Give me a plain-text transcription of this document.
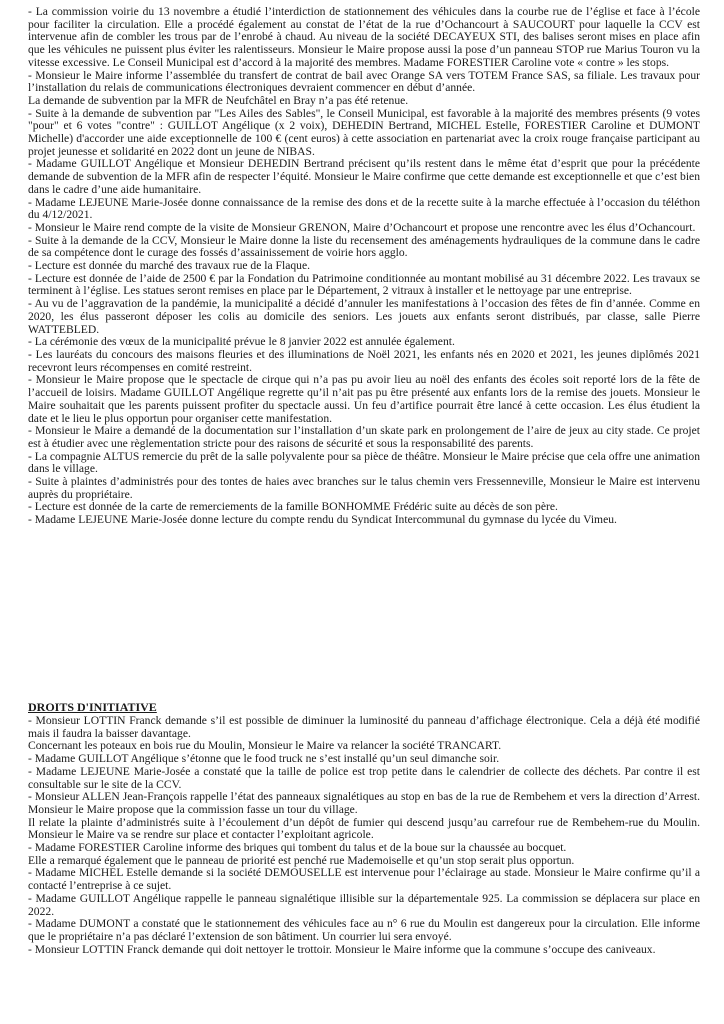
- La commission voirie du 13 novembre a étudié l’interdiction de stationnement des véhicules dans la courbe rue de l’église et face à l’école pour faciliter la circulation. Elle a procédé également au constat de l’état de la rue d’Ochancourt à SAUCOURT pour laquelle la CCV est intervenue afin de combler les trous par de l’enrobé à chaud. Au niveau de la société DECAYEUX STI, des balises seront mises en place afin que les véhicules ne puissent plus éviter les ralentisseurs. Monsieur le Maire propose aussi la pose d’un panneau STOP rue Marius Touron vu la vitesse excessive. Le Conseil Municipal est d’accord à la majorité des membres. Madame FORESTIER Caroline vote « contre » les stops.

- Monsieur le Maire informe l’assemblée du transfert de contrat de bail avec Orange SA vers TOTEM France SAS, sa filiale. Les travaux pour l’installation du relais de communications électroniques devraient commencer en début d’année.

La demande de subvention par la MFR de Neufchâtel en Bray n’a pas été retenue.

- Suite à la demande de subvention par "Les Ailes des Sables", le Conseil Municipal, est favorable à la majorité des membres présents (9 votes "pour" et 6 votes "contre" : GUILLOT Angélique (x 2 voix), DEHEDIN Bertrand, MICHEL Estelle, FORESTIER Caroline et DUMONT Michelle) d'accorder une aide exceptionnelle de 100 € (cent euros) à cette association en partenariat avec la croix rouge française participant au projet jeunesse et solidarité en 2022 dont un jeune de NIBAS.

- Madame GUILLOT Angélique et Monsieur DEHEDIN Bertrand précisent qu’ils restent dans le même état d’esprit que pour la précédente demande de subvention de la MFR afin de respecter l’équité. Monsieur le Maire confirme que cette demande est exceptionnelle et que c’est bien dans le cadre d’une aide humanitaire.

- Madame LEJEUNE Marie-Josée donne connaissance de la remise des dons et de la recette suite à la marche effectuée à l’occasion du téléthon du 4/12/2021.

- Monsieur le Maire rend compte de la visite de Monsieur GRENON, Maire d’Ochancourt et propose une rencontre avec les élus d’Ochancourt.

- Suite à la demande de la CCV, Monsieur le Maire donne la liste du recensement des aménagements hydrauliques de la commune dans le cadre de sa compétence dont le curage des fossés d’assainissement de voirie hors agglo.

- Lecture est donnée du marché des travaux rue de la Flaque.

- Lecture est donnée de l’aide de 2500 € par la Fondation du Patrimoine conditionnée au montant mobilisé au 31 décembre 2022. Les travaux se terminent à l’église. Les statues seront remises en place par le Département, 2 vitraux à installer et le nettoyage par une entreprise.

- Au vu de l’aggravation de la pandémie, la municipalité a décidé d’annuler les manifestations à l’occasion des fêtes de fin d’année. Comme en 2020, les élus passeront déposer les colis au domicile des seniors. Les jouets aux enfants seront distribués, par classe, salle Pierre WATTEBLED.

- La cérémonie des vœux de la municipalité prévue le 8 janvier 2022 est annulée également.

- Les lauréats du concours des maisons fleuries et des illuminations de Noël 2021, les enfants nés en 2020 et 2021, les jeunes diplômés 2021 recevront leurs récompenses en comité restreint.

- Monsieur le Maire propose que le spectacle de cirque qui n’a pas pu avoir lieu au noël des enfants des écoles soit reporté lors de la fête de l’accueil de loisirs. Madame GUILLOT Angélique regrette qu’il n’ait pas pu être présenté aux enfants lors de la remise des jouets. Monsieur le Maire souhaitait que les parents puissent profiter du spectacle aussi. Un feu d’artifice pourrait être lancé à cette occasion. Les élus étudient la date et le lieu le plus opportun pour organiser cette manifestation.

- Monsieur le Maire a demandé de la documentation sur l’installation d’un skate park en prolongement de l’aire de jeux au city stade. Ce projet est à étudier avec une règlementation stricte pour des raisons de sécurité et sous la responsabilité des parents.

- La compagnie ALTUS remercie du prêt de la salle polyvalente pour sa pièce de théâtre. Monsieur le Maire précise que cela offre une animation dans le village.

- Suite à plaintes d’administrés pour des tontes de haies avec branches sur le talus chemin vers Fressenneville, Monsieur le Maire est intervenu auprès du propriétaire.

- Lecture est donnée de la carte de remerciements de la famille BONHOMME Frédéric suite au décès de son père.

- Madame LEJEUNE Marie-Josée donne lecture du compte rendu du Syndicat Intercommunal du gymnase du lycée du Vimeu.

DROITS D'INITIATIVE

- Monsieur LOTTIN Franck demande s’il est possible de diminuer la luminosité du panneau d’affichage électronique. Cela a déjà été modifié mais il faudra la baisser davantage.

Concernant les poteaux en bois rue du Moulin, Monsieur le Maire va relancer la société TRANCART.

- Madame GUILLOT Angélique s’étonne que le food truck ne s’est installé qu’un seul dimanche soir.

- Madame LEJEUNE Marie-Josée a constaté que la taille de police est trop petite dans le calendrier de collecte des déchets. Par contre il est consultable sur le site de la CCV.

- Monsieur ALLEN Jean-François rappelle l’état des panneaux signalétiques au stop en bas de la rue de Rembehem et vers la direction d’Arrest. Monsieur le Maire propose que la commission fasse un tour du village.

Il relate la plainte d’administrés suite à l’écoulement d’un dépôt de fumier qui descend jusqu’au carrefour rue de Rembehem-rue du Moulin. Monsieur le Maire va se rendre sur place et contacter l’exploitant agricole.

- Madame FORESTIER Caroline informe des briques qui tombent du talus et de la boue sur la chaussée au bocquet.

Elle a remarqué également que le panneau de priorité est penché rue Mademoiselle et qu’un stop serait plus opportun.

- Madame MICHEL Estelle demande si la société DEMOUSELLE est intervenue pour l’éclairage au stade. Monsieur le Maire confirme qu’il a contacté l’entreprise à ce sujet.

- Madame GUILLOT Angélique rappelle le panneau signalétique illisible sur la départementale 925. La commission se déplacera sur place en 2022.

- Madame DUMONT a constaté que le stationnement des véhicules face au n° 6 rue du Moulin est dangereux pour la circulation. Elle informe que le propriétaire n’a pas déclaré l’extension de son bâtiment. Un courrier lui sera envoyé.

- Monsieur LOTTIN Franck demande qui doit nettoyer le trottoir. Monsieur le Maire informe que la commune s’occupe des caniveaux.
